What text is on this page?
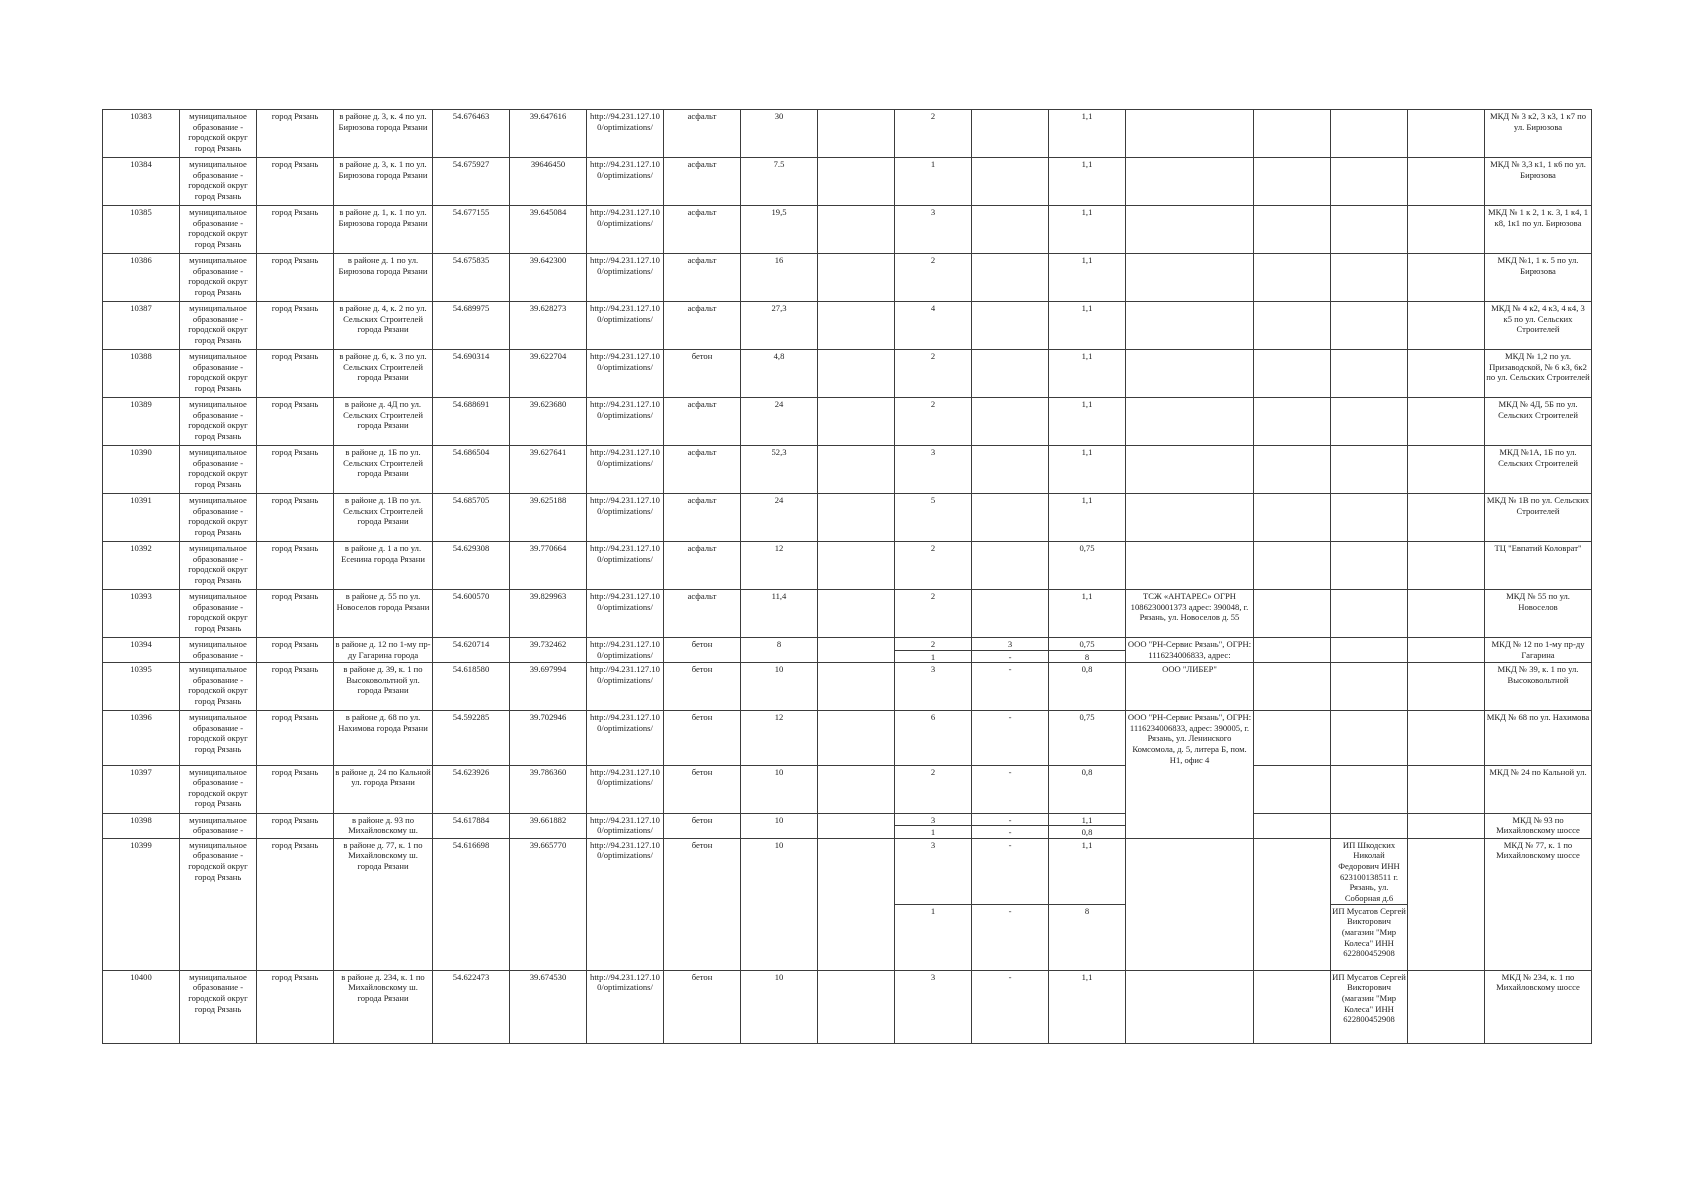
10383	муниципальное образование - городской округ город Рязань	город Рязань	в районе д. 3, к. 4 по ул. Бирюзова города Рязани	54.676463	39.647616	http://94.231.127.10 0/optimizations/	асфальт	30		2		1,1					МКД № 3 к2, 3 к3, 1 к7 по ул. Бирюзова
10384	муниципальное образование - городской округ город Рязань	город Рязань	в районе д. 3, к. 1 по ул. Бирюзова города Рязани	54.675927	39646450	http://94.231.127.10 0/optimizations/	асфальт	7.5		1		1,1					МКД № 3,3 к1, 1 к6 по ул. Бирюзова
10385	муниципальное образование - городской округ город Рязань	город Рязань	в районе д. 1, к. 1 по ул. Бирюзова города Рязани	54.677155	39.645084	http://94.231.127.10 0/optimizations/	асфальт	19,5		3		1,1					МКД № 1 к 2, 1 к. 3, 1 к4, 1 к8, 1к1 по ул. Бирюзова
10386	муниципальное образование - городской округ город Рязань	город Рязань	в районе д. 1 по ул. Бирюзова города Рязани	54.675835	39.642300	http://94.231.127.10 0/optimizations/	асфальт	16		2		1,1					МКД №1, 1 к. 5 по ул. Бирюзова
10387	муниципальное образование - городской округ город Рязань	город Рязань	в районе д. 4, к. 2 по ул. Сельских Строителей города Рязани	54.689975	39.628273	http://94.231.127.10 0/optimizations/	асфальт	27,3		4		1,1					МКД № 4 к2, 4 к3, 4 к4, 3 к5 по ул. Сельских Строителей
10388	муниципальное образование - городской округ город Рязань	город Рязань	в районе д. 6, к. 3 по ул. Сельских Строителей города Рязани	54.690314	39.622704	http://94.231.127.10 0/optimizations/	бетон	4,8		2		1,1					МКД № 1,2 по ул. Призаводской, № 6 к3, 6к2 по ул. Сельских Строителей
10389	муниципальное образование - городской округ город Рязань	город Рязань	в районе д. 4Д по ул. Сельских Строителей города Рязани	54.688691	39.623680	http://94.231.127.10 0/optimizations/	асфальт	24		2		1,1					МКД № 4Д, 5Б по ул. Сельских Строителей
10390	муниципальное образование - городской округ город Рязань	город Рязань	в районе д. 1Б по ул. Сельских Строителей города Рязани	54.686504	39.627641	http://94.231.127.10 0/optimizations/	асфальт	52,3		3		1,1					МКД №1А, 1Б по ул. Сельских Строителей
10391	муниципальное образование - городской округ город Рязань	город Рязань	в районе д. 1В по ул. Сельских Строителей города Рязани	54.685705	39.625188	http://94.231.127.10 0/optimizations/	асфальт	24		5		1,1					МКД № 1В по ул. Сельских Строителей
10392	муниципальное образование - городской округ город Рязань	город Рязань	в районе д. 1 а по ул. Есенина города Рязани	54.629308	39.770664	http://94.231.127.10 0/optimizations/	асфальт	12		2		0,75					ТЦ "Евпатий Коловрат"
10393	муниципальное образование - городской округ город Рязань	город Рязань	в районе д. 55 по ул. Новоселов города Рязани	54.600570	39.829963	http://94.231.127.10 0/optimizations/	асфальт	11,4		2		1,1	ТСЖ «АНТАРЕС» ОГРН 1086230001373 адрес: 390048, г. Рязань, ул. Новоселов д. 55				МКД № 55 по ул. Новоселов
10394	муниципальное образование -	город Рязань	в районе д. 12 по 1-му пр-ду Гагарина города	54.620714	39.732462	http://94.231.127.10 0/optimizations/	бетон	8		2	3	0,75	ООО "РН-Сервис Рязань", ОГРН: 1116234006833, адрес:				МКД № 12 по 1-му пр-ду Гагарина
										1	-	8					
10395	муниципальное образование - городской округ город Рязань	город Рязань	в районе д. 39, к. 1 по Высоковольтной ул. города Рязани	54.618580	39.697994	http://94.231.127.10 0/optimizations/	бетон	10		3	-	0,8	ООО "ЛИБЕР"				МКД № 39, к. 1 по ул. Высоковольтной
10396	муниципальное образование - городской округ город Рязань	город Рязань	в районе д. 68 по ул. Нахимова города Рязани	54.592285	39.702946	http://94.231.127.10 0/optimizations/	бетон	12		6	-	0,75	ООО "РН-Сервис Рязань", ОГРН: 1116234006833, адрес: 390005, г. Рязань, ул. Ленинского Комсомола, д. 5, литера Б, пом. Н1, офис 4				МКД № 68 по ул. Нахимова
10397	муниципальное образование - городской округ город Рязань	город Рязань	в районе д. 24 по Кальной ул. города Рязани	54.623926	39.786360	http://94.231.127.10 0/optimizations/	бетон	10		2	-	0,8					МКД № 24 по Кальной ул.
10398	муниципальное образование -	город Рязань	в районе д. 93 по Михайловскому ш.	54.617884	39.661882	http://94.231.127.10 0/optimizations/	бетон	10		3	-	1,1					МКД № 93 по Михайловскому шоссе
										1	-	0,8					
10399	муниципальное образование - городской округ город Рязань	город Рязань	в районе д. 77, к. 1 по Михайловскому ш. города Рязани	54.616698	39.665770	http://94.231.127.10 0/optimizations/	бетон	10		3	-	1,1			ИП Шкодских Николай Федорович ИНН 623100138511 г. Рязань, ул. Соборная д.6		МКД № 77, к. 1 по Михайловскому шоссе
										1	-	8			ИП Мусатов Сергей Викторович (магазин "Мир Колеса" ИНН 622800452908		
10400	муниципальное образование - городской округ город Рязань	город Рязань	в районе д. 234, к. 1 по Михайловскому ш. города Рязани	54.622473	39.674530	http://94.231.127.10 0/optimizations/	бетон	10		3	-	1,1			ИП Мусатов Сергей Викторович (магазин "Мир Колеса" ИНН 622800452908		МКД № 234, к. 1 по Михайловскому шоссе
